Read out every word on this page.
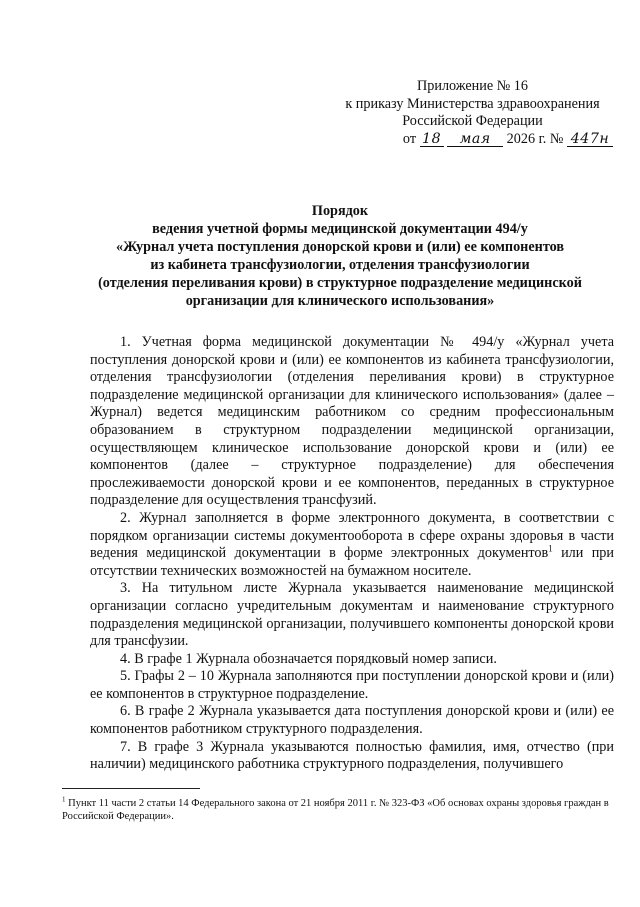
Приложение № 16
к приказу Министерства здравоохранения
Российской Федерации
от 18 мая 2026 г. № 447н
Порядок
ведения учетной формы медицинской документации 494/у
«Журнал учета поступления донорской крови и (или) ее компонентов
из кабинета трансфузиологии, отделения трансфузиологии
(отделения переливания крови) в структурное подразделение медицинской
организации для клинического использования»

1. Учетная форма медицинской документации № 494/у «Журнал учета поступления донорской крови и (или) ее компонентов из кабинета трансфузиологии, отделения трансфузиологии (отделения переливания крови) в структурное подразделение медицинской организации для клинического использования» (далее – Журнал) ведется медицинским работником со средним профессиональным образованием в структурном подразделении медицинской организации, осуществляющем клиническое использование донорской крови и (или) ее компонентов (далее – структурное подразделение) для обеспечения прослеживаемости донорской крови и ее компонентов, переданных в структурное подразделение для осуществления трансфузий.

2. Журнал заполняется в форме электронного документа, в соответствии с порядком организации системы документооборота в сфере охраны здоровья в части ведения медицинской документации в форме электронных документов$^1$ или при отсутствии технических возможностей на бумажном носителе.

3. На титульном листе Журнала указывается наименование медицинской организации согласно учредительным документам и наименование структурного подразделения медицинской организации, получившего компоненты донорской крови для трансфузии.

4. В графе 1 Журнала обозначается порядковый номер записи.

5. Графы 2 – 10 Журнала заполняются при поступлении донорской крови и (или) ее компонентов в структурное подразделение.

6. В графе 2 Журнала указывается дата поступления донорской крови и (или) ее компонентов работником структурного подразделения.

7. В графе 3 Журнала указываются полностью фамилия, имя, отчество (при наличии) медицинского работника структурного подразделения, получившего

$^1$ Пункт 11 части 2 статьи 14 Федерального закона от 21 ноября 2011 г. № 323-ФЗ «Об основах охраны здоровья граждан в Российской Федерации».
